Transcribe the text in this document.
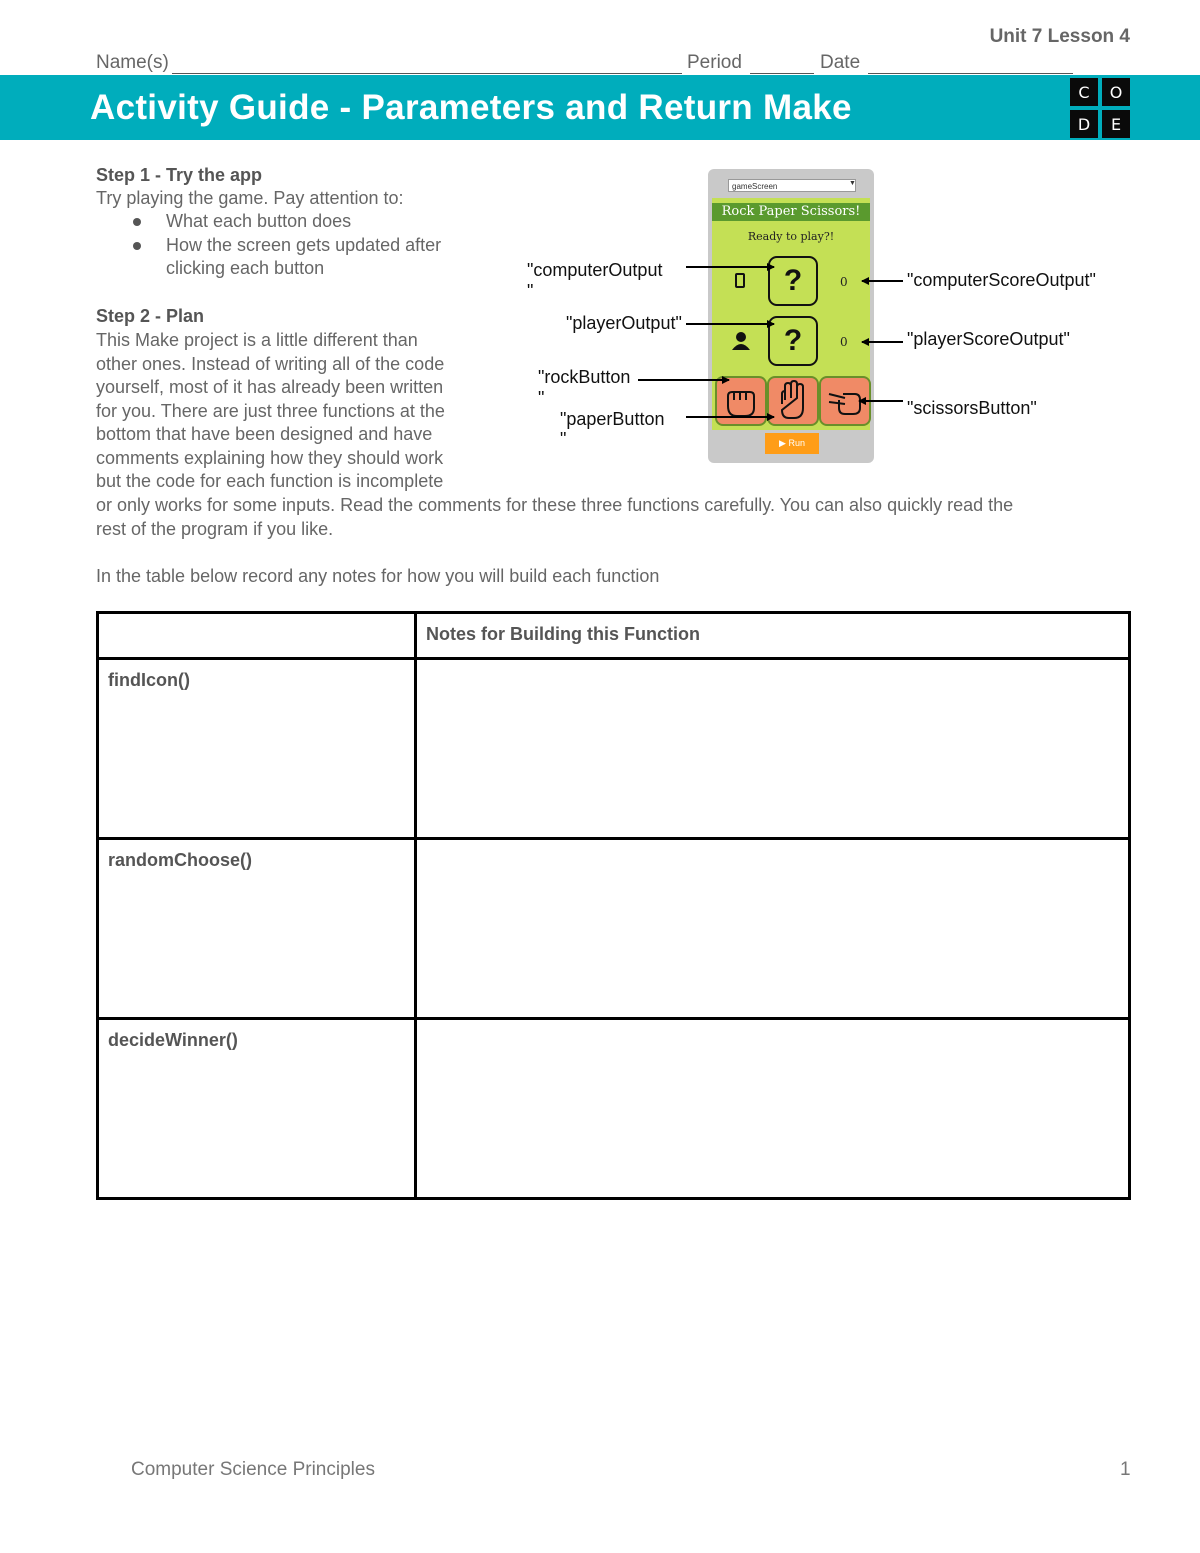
Unit 7 Lesson 4
Name(s)	Period	Date
Activity Guide - Parameters and Return Make	C	O
D	E
Step 1 - Try the app
Try playing the game. Pay attention to:
What each button does
How the screen gets updated after clicking each button
Step 2 - Plan
This Make project is a little different than
other ones. Instead of writing all of the code
yourself, most of it has already been written
for you. There are just three functions at the
bottom that have been designed and have
comments explaining how they should work
but the code for each function is incomplete
or only works for some inputs. Read the comments for these three functions carefully. You can also quickly read the
rest of the program if you like.
In the table below record any notes for how you will build each function
gameScreen	▼
Rock Paper Scissors!
Ready to play?!
?	0
?	0
▶ Run
"computerOutput
"
"playerOutput"
"rockButton
"
"paperButton
"
"computerScoreOutput"
"playerScoreOutput"
"scissorsButton"
	Notes for Building this Function
findIcon()	
randomChoose()	
decideWinner()	
Computer Science Principles	1
